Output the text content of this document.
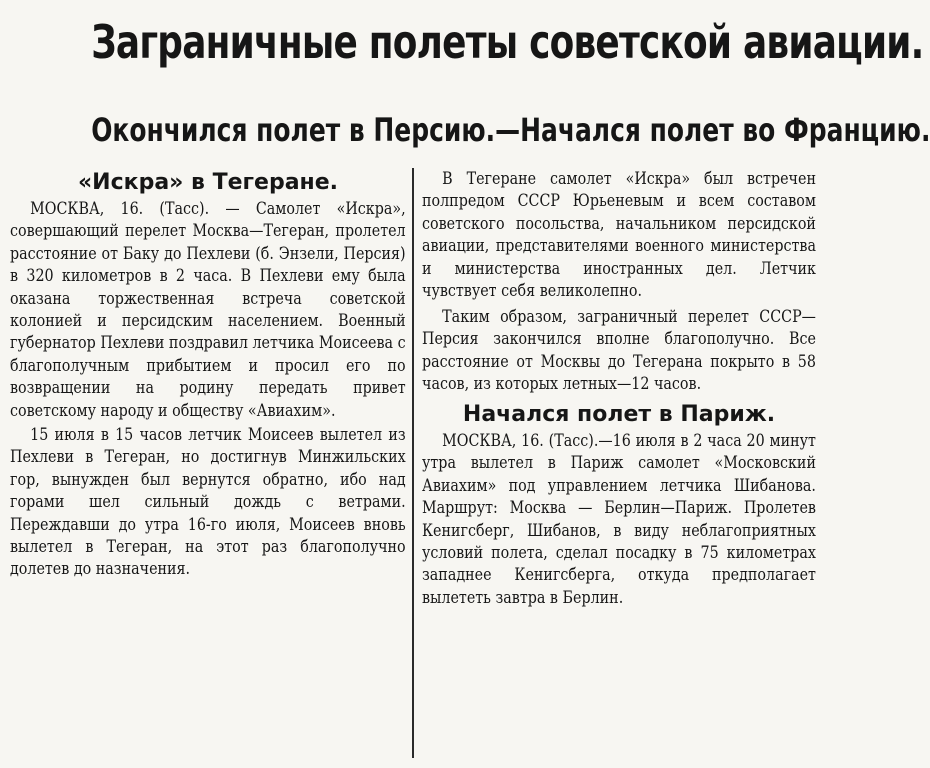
Заграничные полеты советской авиации.
Окончился полет в Персию.—Начался полет во Францию.
«Искра» в Тегеране.

МОСКВА, 16. (Тасс). — Самолет «Искра», совершающий перелет Москва—Тегеран, пролетел расстояние от Баку до Пехлеви (б. Энзели, Персия) в 320 километров в 2 часа. В Пехлеви ему была оказана торжественная встреча советской колонией и персидским населением. Военный губернатор Пехлеви поздравил летчика Моисеева с благополучным прибытием и просил его по возвращении на родину передать привет советскому народу и обществу «Авиахим».

15 июля в 15 часов летчик Моисеев вылетел из Пехлеви в Тегеран, но достигнув Минжильских гор, вынужден был вернутся обратно, ибо над горами шел сильный дождь с ветрами. Переждавши до утра 16-го июля, Моисеев вновь вылетел в Тегеран, на этот раз благополучно долетев до назначения.

В Тегеране самолет «Искра» был встречен полпредом СССР Юрьеневым и всем составом советского посольства, начальником персидской авиации, представителями военного министерства и министерства иностранных дел. Летчик чувствует себя великолепно.

Таким образом, заграничный перелет СССР—Персия закончился вполне благополучно. Все расстояние от Москвы до Тегерана покрыто в 58 часов, из которых летных—12 часов.

Начался полет в Париж.

МОСКВА, 16. (Тасс).—16 июля в 2 часа 20 минут утра вылетел в Париж самолет «Московский Авиахим» под управлением летчика Шибанова. Маршрут: Москва — Берлин—Париж. Пролетев Кенигсберг, Шибанов, в виду неблагоприятных условий полета, сделал посадку в 75 километрах западнее Кенигсберга, откуда предполагает вылететь завтра в Берлин.
